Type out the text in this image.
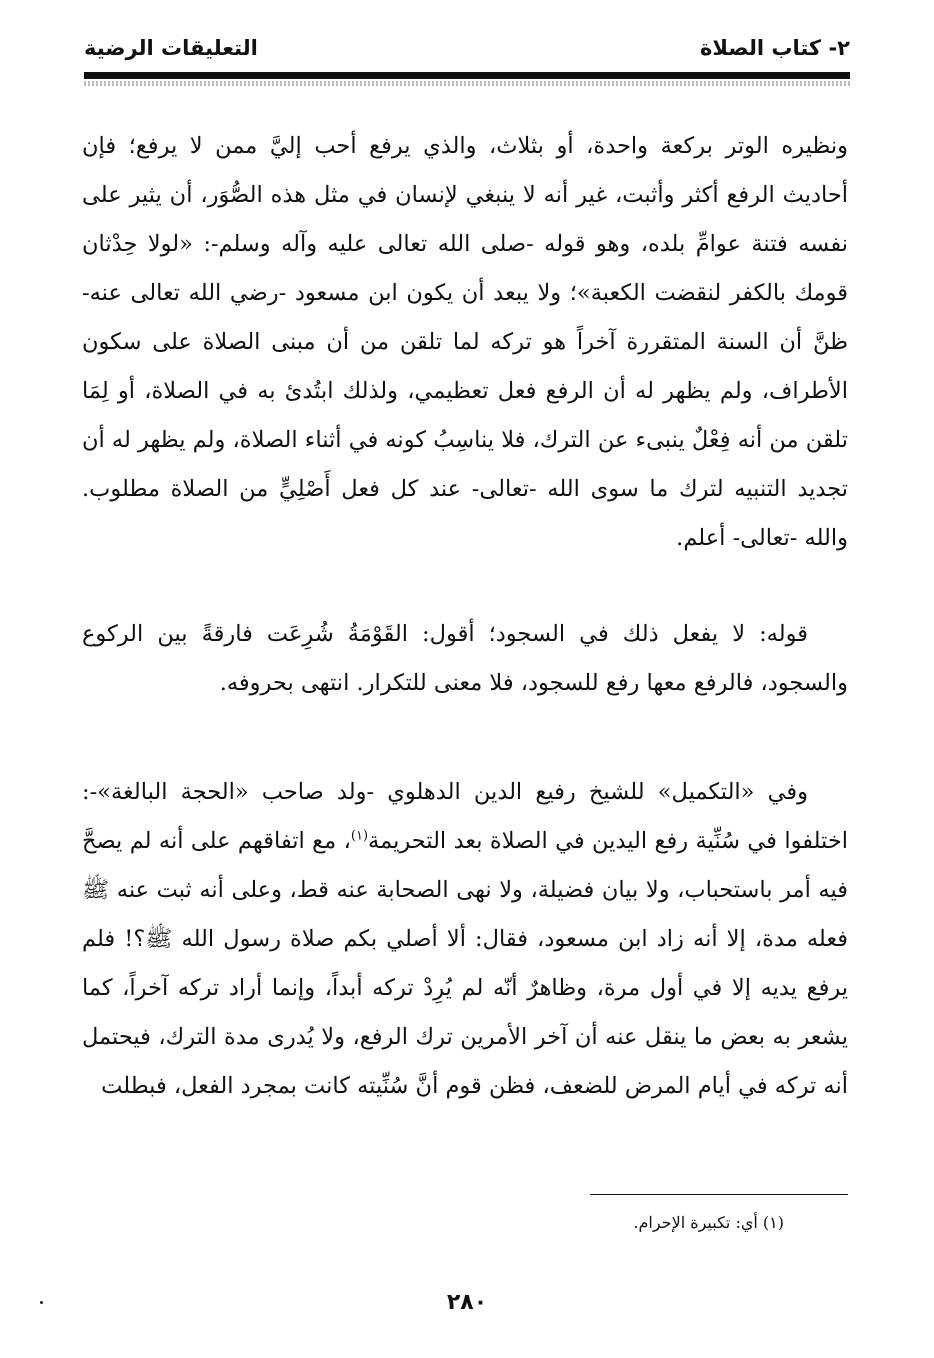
٢- كتاب الصلاة
التعليقات الرضية

ونظيره الوتر بركعة واحدة، أو بثلاث، والذي يرفع أحب إليَّ ممن لا يرفع؛ فإن أحاديث الرفع أكثر وأثبت، غير أنه لا ينبغي لإنسان في مثل هذه الصُّوَر، أن يثير على نفسه فتنة عوامِّ بلده، وهو قوله -صلى الله تعالى عليه وآله وسلم-: «لولا حِدْثان قومك بالكفر لنقضت الكعبة»؛ ولا يبعد أن يكون ابن مسعود -رضي الله تعالى عنه- ظنَّ أن السنة المتقررة آخراً هو تركه لما تلقن من أن مبنى الصلاة على سكون الأطراف، ولم يظهر له أن الرفع فعل تعظيمي، ولذلك ابتُدئ به في الصلاة، أو لِمَا تلقن من أنه فِعْلٌ ينبىء عن الترك، فلا يناسِبُ كونه في أثناء الصلاة، ولم يظهر له أن تجديد التنبيه لترك ما سوى الله -تعالى- عند كل فعل أَصْلِيٍّ من الصلاة مطلوب. والله -تعالى- أعلم.

قوله: لا يفعل ذلك في السجود؛ أقول: القَوْمَةُ شُرِعَت فارقةً بين الركوع والسجود، فالرفع معها رفع للسجود، فلا معنى للتكرار. انتهى بحروفه.

وفي «التكميل» للشيخ رفيع الدين الدهلوي -ولد صاحب «الحجة البالغة»-: اختلفوا في سُنِّية رفع اليدين في الصلاة بعد التحريمة$^{(١)}$، مع اتفاقهم على أنه لم يصحَّ فيه أمر باستحباب، ولا بيان فضيلة، ولا نهى الصحابة عنه قط، وعلى أنه ثبت عنه ﷺ فعله مدة، إلا أنه زاد ابن مسعود، فقال: ألا أصلي بكم صلاة رسول الله ﷺ؟! فلم يرفع يديه إلا في أول مرة، وظاهرٌ أنّه لم يُرِدْ تركه أبداً، وإنما أراد تركه آخراً، كما يشعر به بعض ما ينقل عنه أن آخر الأمرين ترك الرفع، ولا يُدرى مدة الترك، فيحتمل أنه تركه في أيام المرض للضعف، فظن قوم أنَّ سُنِّيته كانت بمجرد الفعل، فبطلت

(١) أي: تكبيرة الإحرام.
٢٨٠
